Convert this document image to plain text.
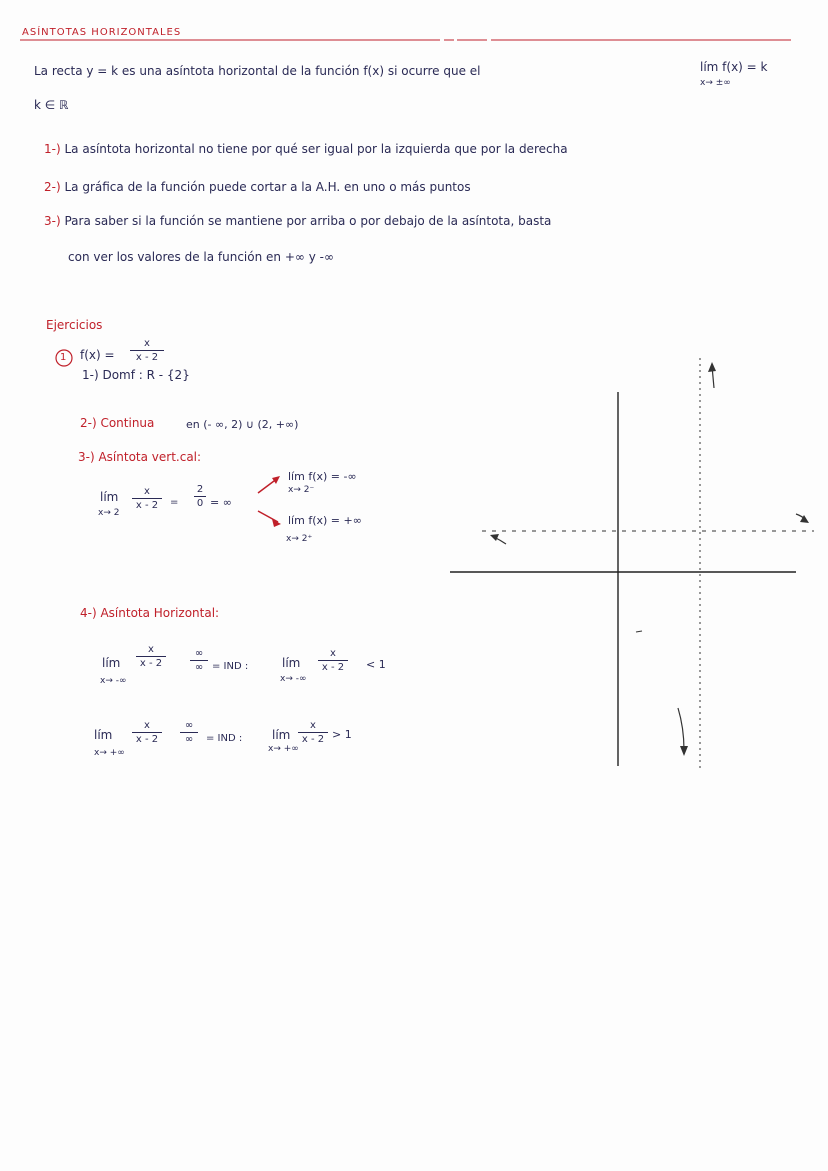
ASÍNTOTAS HORIZONTALES
La recta y = k es una asíntota horizontal de la función f(x) si ocurre que el	lím f(x) = k
x→ ±∞
k ∈ ℝ
1-) La asíntota horizontal no tiene por qué ser igual por la izquierda que por la derecha
2-) La gráfica de la función puede cortar a la A.H. en uno o más puntos
3-) Para saber si la función se mantiene por arriba o por debajo de la asíntota, basta
con ver los valores de la función en +∞ y -∞
Ejercicios
1 f(x) =
x
x - 2
1-) Domf : R - {2}
2-) Continua	en (- ∞, 2) ∪ (2, +∞)
3-) Asíntota vert.cal:
lím
x→ 2
x
x - 2 =
2
0 = ∞
lím f(x) = -∞
x→ 2⁻
lím f(x) = +∞
x→ 2⁺
4-) Asíntota Horizontal:
lím
x→ -∞
x
x - 2
∞
∞ = IND :	lím
x→ -∞
x
x - 2 < 1
lím
x→ +∞
x
x - 2
∞
∞ = IND : lím
x→ +∞
x
x - 2 > 1
